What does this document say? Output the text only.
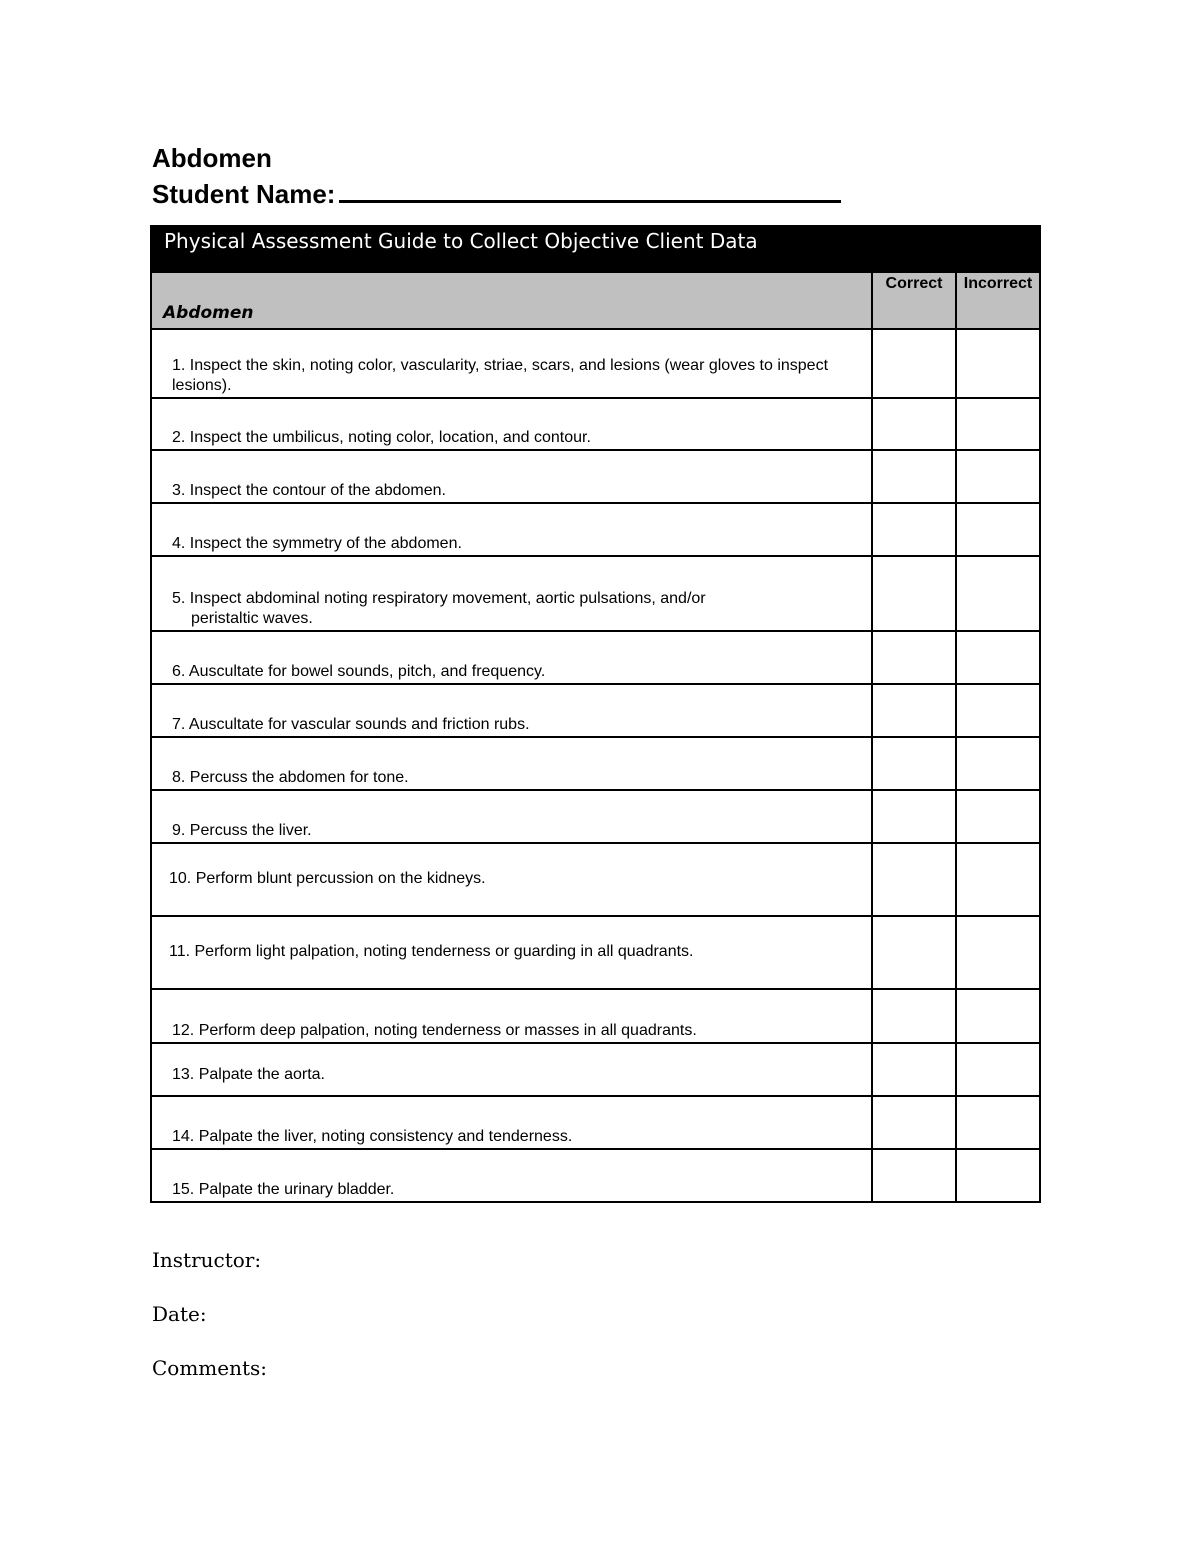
Abdomen
Student Name:
Physical Assessment Guide to Collect Objective Client Data		
Abdomen	Correct	Incorrect
1. Inspect the skin, noting color, vascularity, striae, scars, and lesions (wear gloves to inspect lesions).		
2. Inspect the umbilicus, noting color, location, and contour.		
3. Inspect the contour of the abdomen.		
4. Inspect the symmetry of the abdomen.		
5. Inspect abdominal noting respiratory movement, aortic pulsations, and/or
peristaltic waves.		

6. Auscultate for bowel sounds, pitch, and frequency.		
7. Auscultate for vascular sounds and friction rubs.		
8. Percuss the abdomen for tone.		
9. Percuss the liver.		
10. Perform blunt percussion on the kidneys.		
11. Perform light palpation, noting tenderness or guarding in all quadrants.		
12. Perform deep palpation, noting tenderness or masses in all quadrants.		
13. Palpate the aorta.		
14. Palpate the liver, noting consistency and tenderness.		
15. Palpate the urinary bladder.		
Instructor:
Date:
Comments:
